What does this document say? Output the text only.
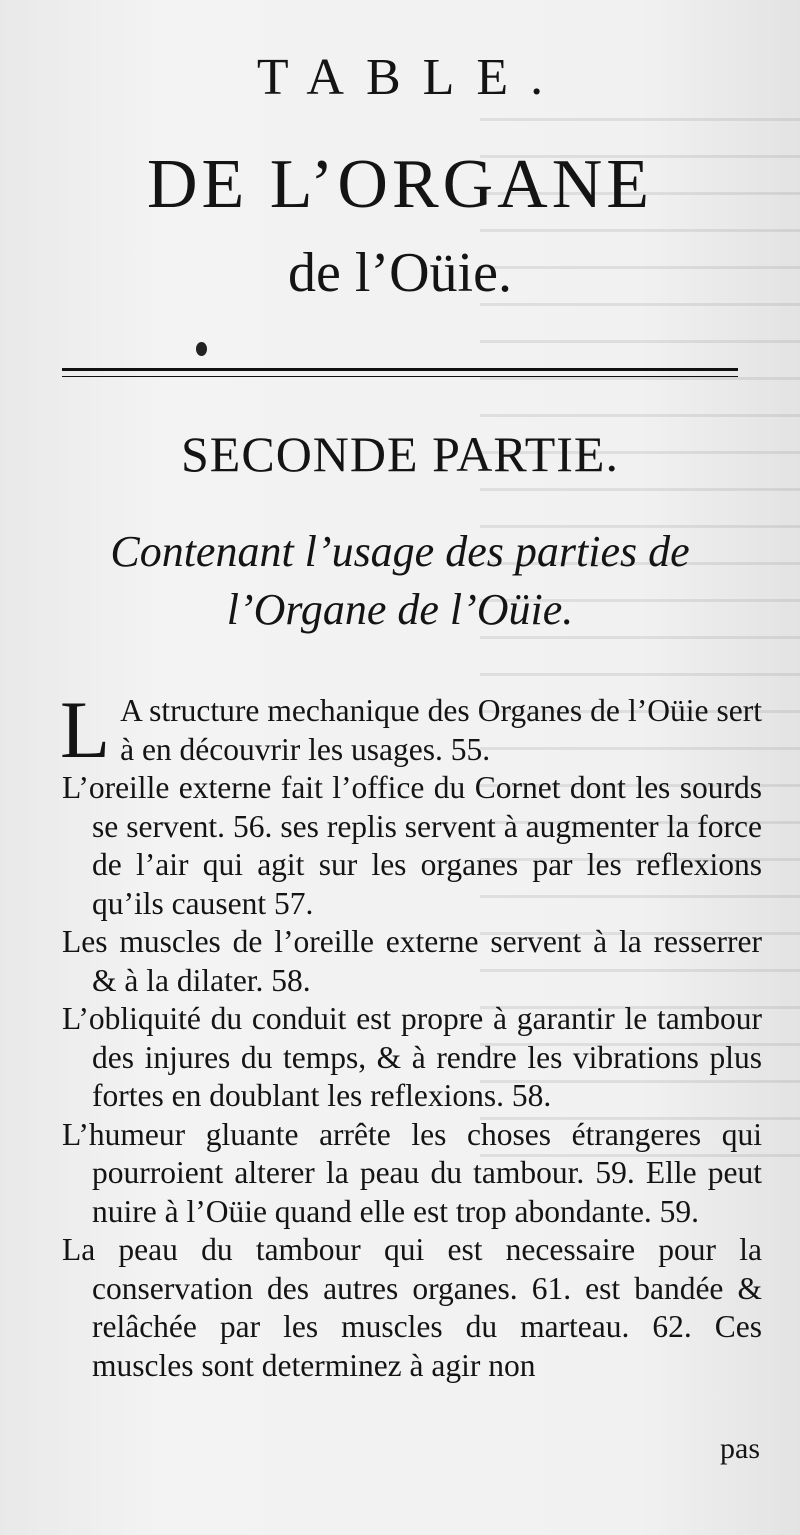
TABLE.
DE L’ORGANE
de l’Oüie.
SECONDE PARTIE.
Contenant l’usage des parties de
l’Organe de l’Oüie.

L A structure mechanique des Organes de l’Oüie sert à en découvrir les usages. 55.

L’oreille externe fait l’office du Cornet dont les sourds se servent. 56. ses replis servent à augmenter la force de l’air qui agit sur les organes par les reflexions qu’ils causent 57.

Les muscles de l’oreille externe servent à la resserrer & à la dilater. 58.

L’obliquité du conduit est propre à garantir le tambour des injures du temps, & à rendre les vibrations plus fortes en doublant les reflexions. 58.

L’humeur gluante arrête les choses étrangeres qui pourroient alterer la peau du tambour. 59. Elle peut nuire à l’Oüie quand elle est trop abondante. 59.

La peau du tambour qui est necessaire pour la conservation des autres organes. 61. est bandée & relâchée par les muscles du marteau. 62. Ces muscles sont determinez à agir non

pas
